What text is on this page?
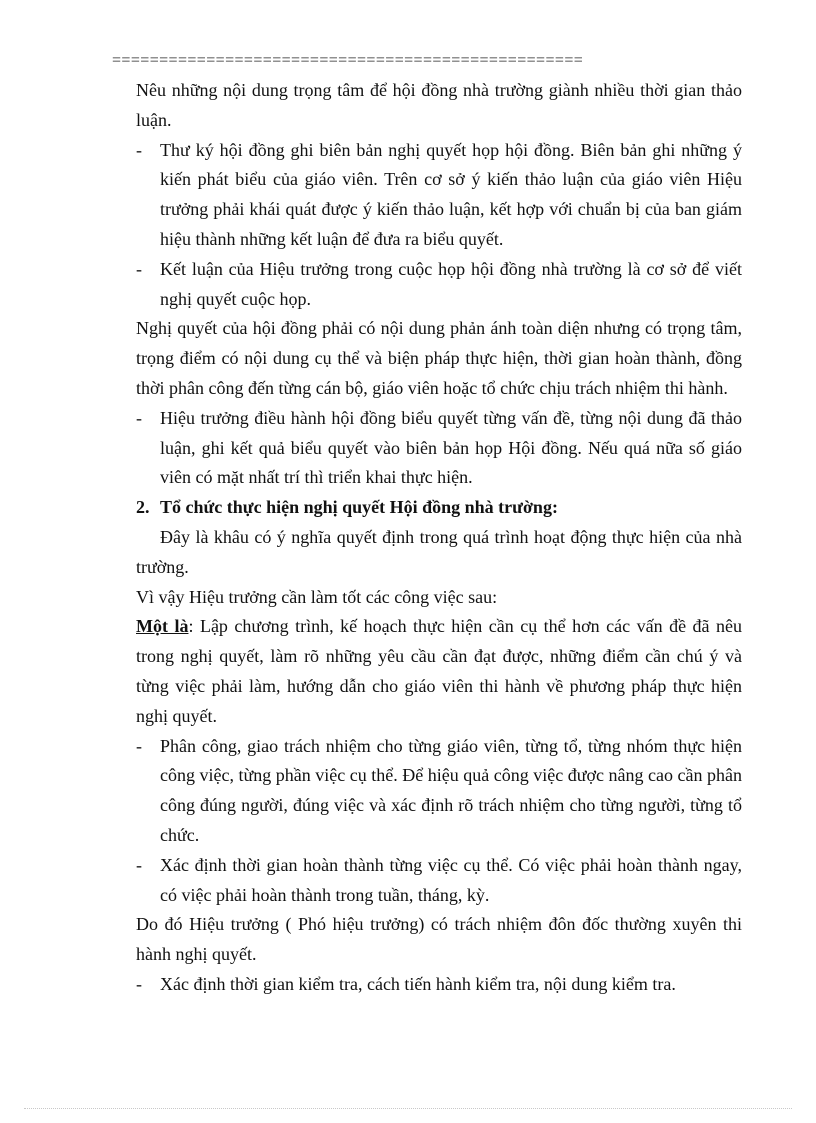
==================================================

Nêu những nội dung trọng tâm để hội đồng nhà trường giành nhiều thời gian thảo luận.

- Thư ký hội đồng ghi biên bản nghị quyết họp hội đồng. Biên bản ghi những ý kiến phát biểu của giáo viên. Trên cơ sở ý kiến thảo luận của giáo viên Hiệu trưởng phải khái quát được ý kiến thảo luận, kết hợp với chuẩn bị của ban giám hiệu thành những kết luận để đưa ra biểu quyết.

- Kết luận của Hiệu trưởng trong cuộc họp hội đồng nhà trường là cơ sở để viết nghị quyết cuộc họp.

Nghị quyết của hội đồng phải có nội dung phản ánh toàn diện nhưng có trọng tâm, trọng điểm có nội dung cụ thể và biện pháp thực hiện, thời gian hoàn thành, đồng thời phân công đến từng cán bộ, giáo viên hoặc tổ chức chịu trách nhiệm thi hành.

- Hiệu trưởng điều hành hội đồng biểu quyết từng vấn đề, từng nội dung đã thảo luận, ghi kết quả biểu quyết vào biên bản họp Hội đồng. Nếu quá nữa số giáo viên có mặt nhất trí thì triển khai thực hiện.

2. Tổ chức thực hiện nghị quyết Hội đồng nhà trường:

Đây là khâu có ý nghĩa quyết định trong quá trình hoạt động thực hiện của nhà trường.

Vì vậy Hiệu trưởng cần làm tốt các công việc sau:

Một là: Lập chương trình, kế hoạch thực hiện cần cụ thể hơn các vấn đề đã nêu trong nghị quyết, làm rõ những yêu cầu cần đạt được, những điểm cần chú ý và từng việc phải làm, hướng dẫn cho giáo viên thi hành về phương pháp thực hiện nghị quyết.

- Phân công, giao trách nhiệm cho từng giáo viên, từng tổ, từng nhóm thực hiện công việc, từng phần việc cụ thể. Để hiệu quả công việc được nâng cao cần phân công đúng người, đúng việc và xác định rõ trách nhiệm cho từng người, từng tổ chức.

- Xác định thời gian hoàn thành từng việc cụ thể. Có việc phải hoàn thành ngay, có việc phải hoàn thành trong tuần, tháng, kỳ.

Do đó Hiệu trưởng ( Phó hiệu trưởng) có trách nhiệm đôn đốc thường xuyên thi hành nghị quyết.

- Xác định thời gian kiểm tra, cách tiến hành kiểm tra, nội dung kiểm tra.
